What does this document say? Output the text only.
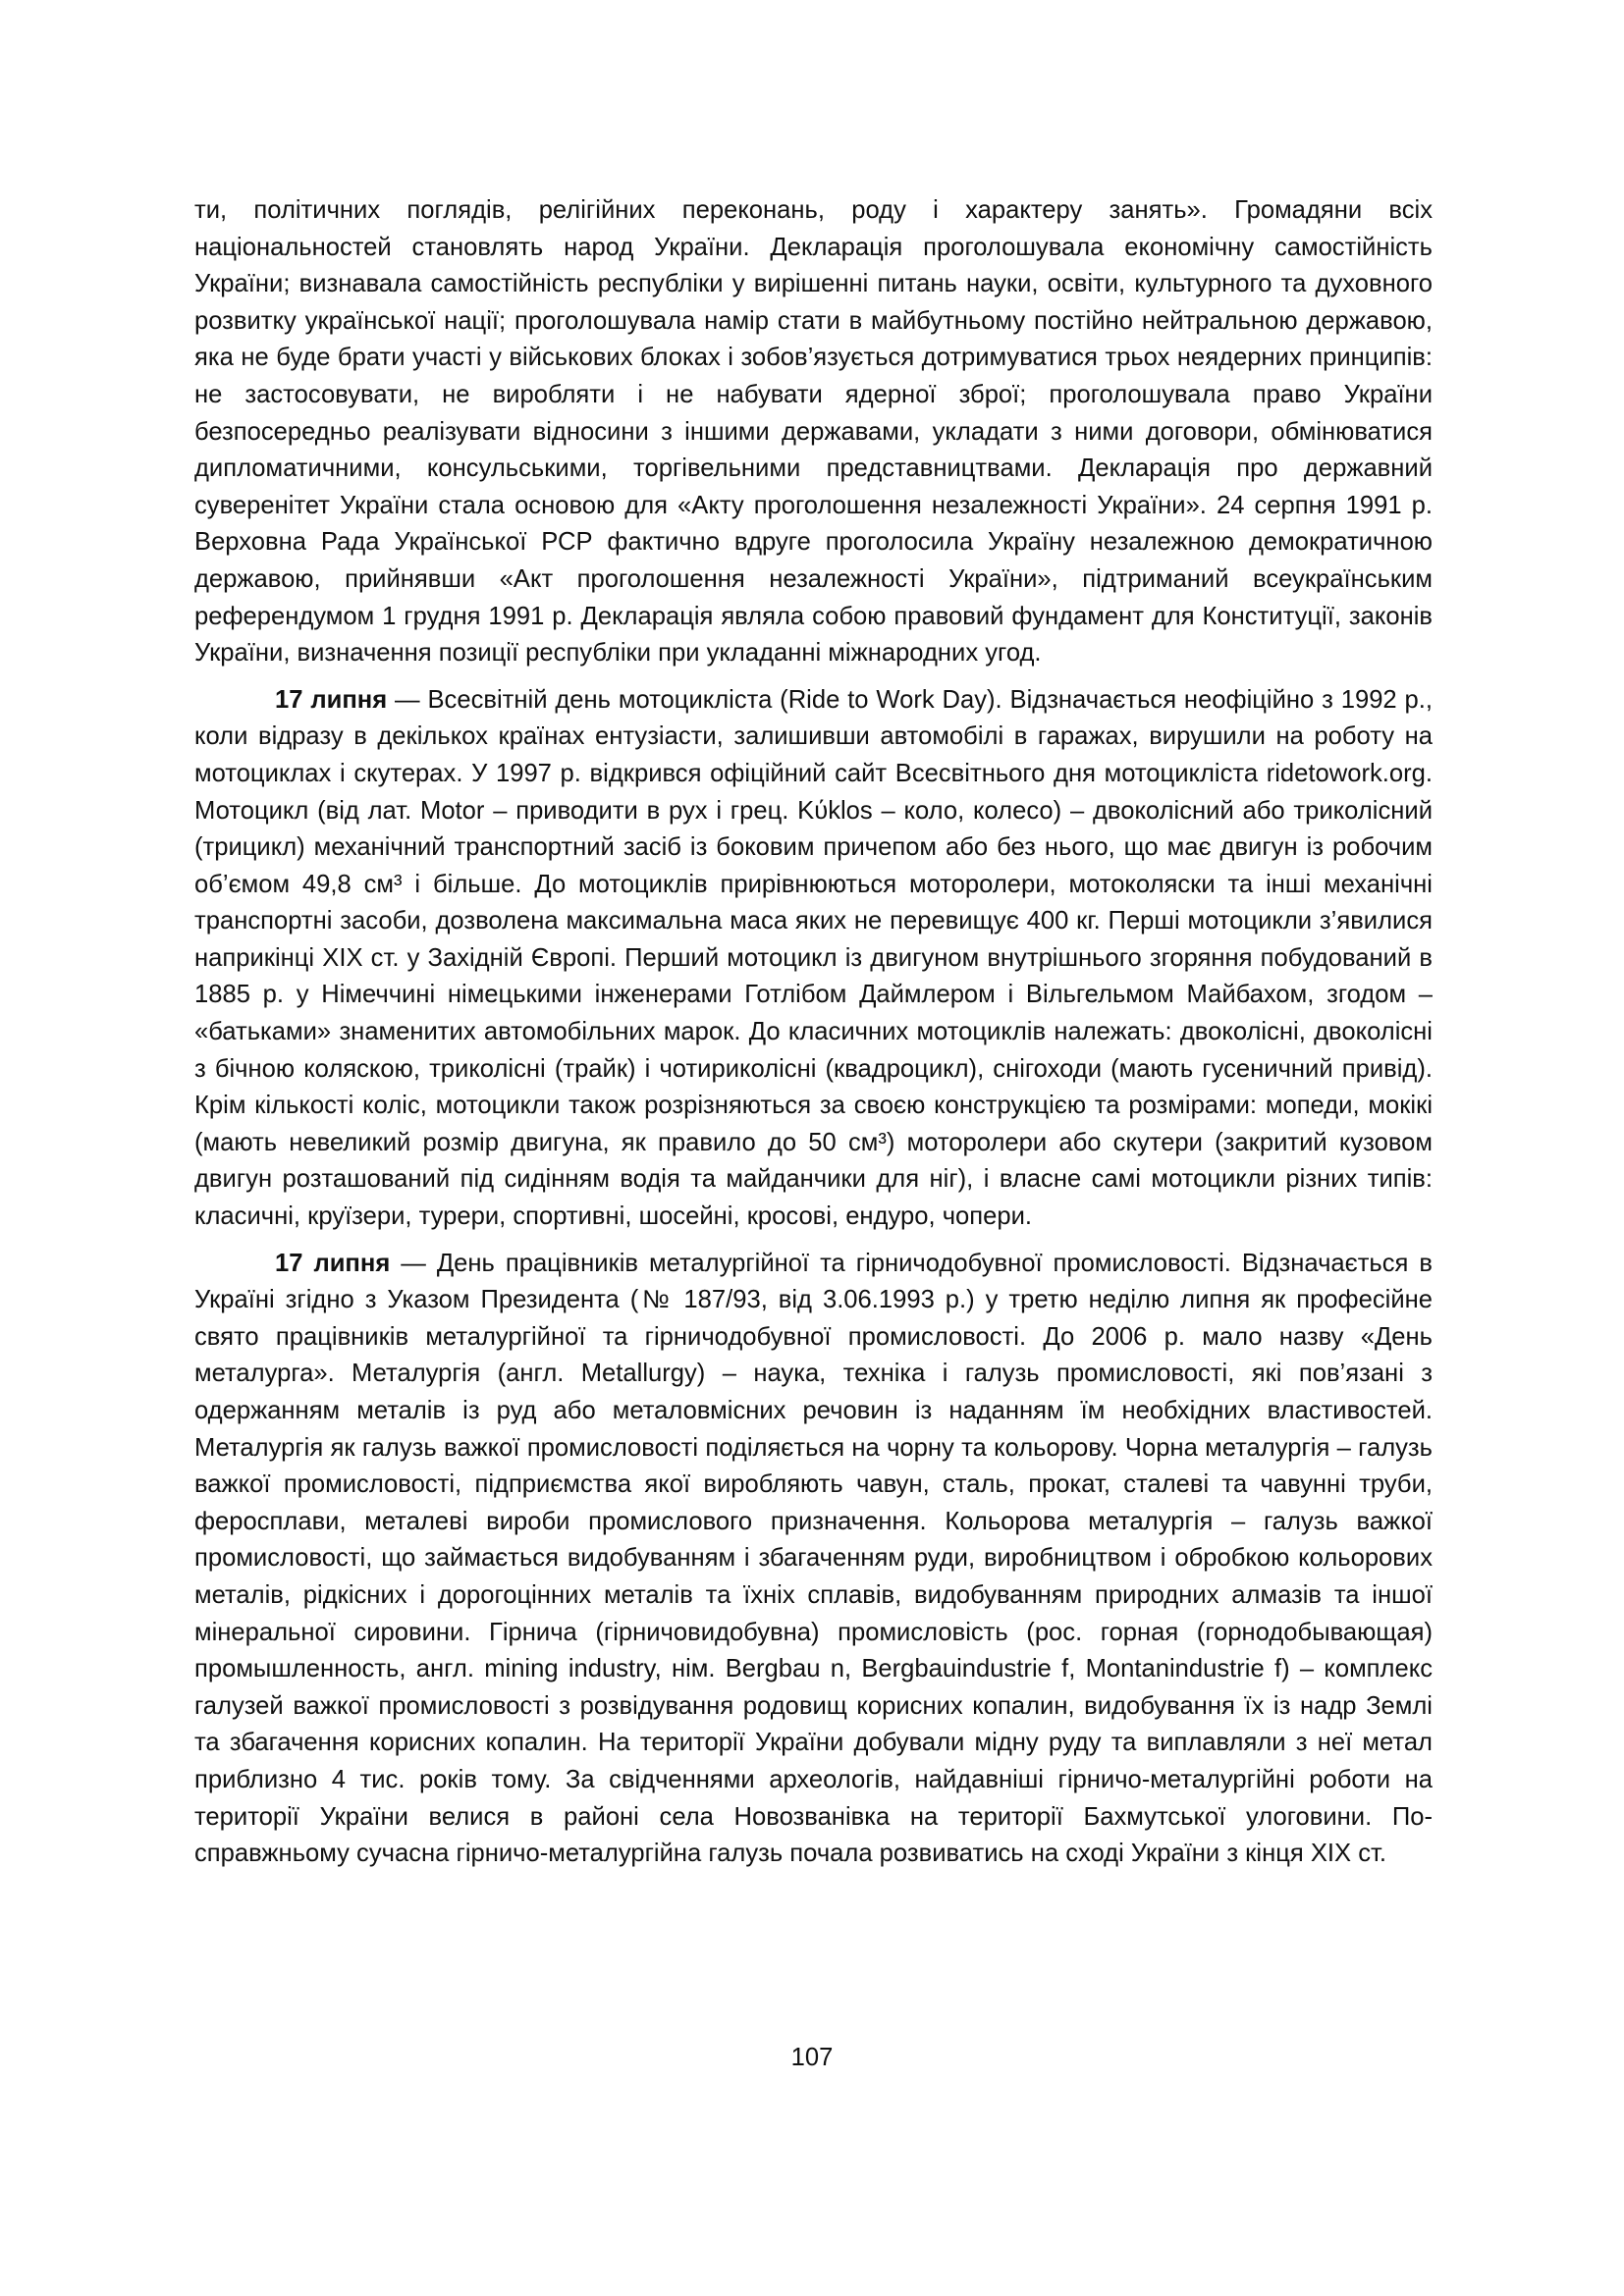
ти, політичних поглядів, релігійних переконань, роду і характеру занять». Громадяни всіх національностей становлять народ України. Декларація проголошувала економічну самостійність України; визнавала самостійність республіки у вирішенні питань науки, освіти, культурного та духовного розвитку української нації; проголошувала намір стати в майбутньому постійно нейтральною державою, яка не буде брати участі у військових блоках і зобов’язується дотримуватися трьох неядерних принципів: не застосовувати, не виробляти і не набувати ядерної зброї; проголошувала право України безпосередньо реалізувати відносини з іншими державами, укладати з ними договори, обмінюватися дипломатичними, консульськими, торгівельними представництвами. Декларація про державний суверенітет України стала основою для «Акту проголошення незалежності України». 24 серпня 1991 р. Верховна Рада Української РСР фактично вдруге проголосила Україну незалежною демократичною державою, прийнявши «Акт проголошення незалежності України», підтриманий всеукраїнським референдумом 1 грудня 1991 р. Декларація являла собою правовий фундамент для Конституції, законів України, визначення позиції республіки при укладанні міжнародних угод.

17 липня — Всесвітній день мотоцикліста (Ride to Work Day). Відзначається неофіційно з 1992 р., коли відразу в декількох країнах ентузіасти, залишивши автомобілі в гаражах, вирушили на роботу на мотоциклах і скутерах. У 1997 р. відкрився офіційний сайт Всесвітнього дня мотоцикліста ridetowork.org. Мотоцикл (від лат. Motor – приводити в рух і грец. Κύklos – коло, колесо) – двоколісний або триколісний (трицикл) механічний транспортний засіб із боковим причепом або без нього, що має двигун із робочим об’ємом 49,8 см³ і більше. До мотоциклів прирівнюються моторолери, мотоколяски та інші механічні транспортні засоби, дозволена максимальна маса яких не перевищує 400 кг. Перші мотоцикли з’явилися наприкінці XIX ст. у Західній Європі. Перший мотоцикл із двигуном внутрішнього згоряння побудований в 1885 р. у Німеччині німецькими інженерами Готлібом Даймлером і Вільгельмом Майбахом, згодом – «батьками» знаменитих автомобільних марок. До класичних мотоциклів належать: двоколісні, двоколісні з бічною коляскою, триколісні (трайк) і чотириколісні (квадроцикл), снігоходи (мають гусеничний привід). Крім кількості коліс, мотоцикли також розрізняються за своєю конструкцією та розмірами: мопеди, мокікі (мають невеликий розмір двигуна, як правило до 50 см³) моторолери або скутери (закритий кузовом двигун розташований під сидінням водія та майданчики для ніг), і власне самі мотоцикли різних типів: класичні, круїзери, турери, спортивні, шосейні, кросові, ендуро, чопери.

17 липня — День працівників металургійної та гірничодобувної промисловості. Відзначається в Україні згідно з Указом Президента (№ 187/93, від 3.06.1993 р.) у третю неділю липня як професійне свято працівників металургійної та гірничодобувної промисловості. До 2006 р. мало назву «День металурга». Металургія (англ. Metallurgy) – наука, техніка і галузь промисловості, які пов’язані з одержанням металів із руд або металовмісних речовин із наданням їм необхідних властивостей. Металургія як галузь важкої промисловості поділяється на чорну та кольорову. Чорна металургія – галузь важкої промисловості, підприємства якої виробляють чавун, сталь, прокат, сталеві та чавунні труби, феросплави, металеві вироби промислового призначення. Кольорова металургія – галузь важкої промисловості, що займається видобуванням і збагаченням руди, виробництвом і обробкою кольорових металів, рідкісних і дорогоцінних металів та їхніх сплавів, видобуванням природних алмазів та іншої мінеральної сировини. Гірнича (гірничовидобувна) промисловість (рос. горная (горнодобывающая) промышленность, англ. mining industry, нім. Bergbau n, Bergbauindustrie f, Montanindustrie f) – комплекс галузей важкої промисловості з розвідування родовищ корисних копалин, видобування їх із надр Землі та збагачення корисних копалин. На території України добували мідну руду та виплавляли з неї метал приблизно 4 тис. років тому. За свідченнями археологів, найдавніші гірничо-металургійні роботи на території України велися в районі села Новозванівка на території Бахмутської улоговини. По-справжньому сучасна гірничо-металургійна галузь почала розвиватись на сході України з кінця XIX ст.

107
